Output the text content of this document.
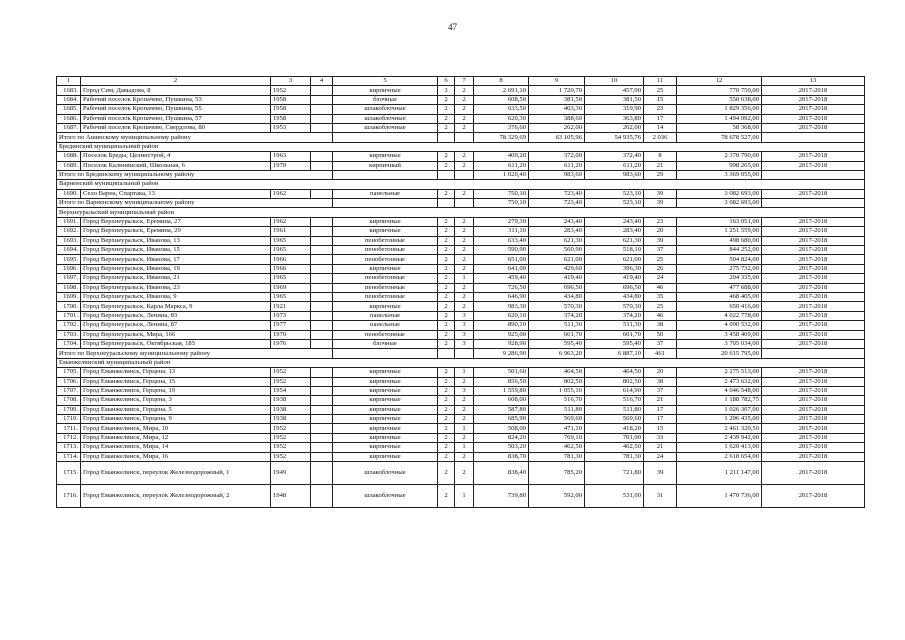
47
1	2	3	4	5	6	7	8	9	10	11	12	13
1683.	Город Сим, Давыдова, 8	1952		кирпичные	3	2	2 691,10	1 720,70	457,90	25	770 750,00	2017-2018
1684.	Рабочий поселок Кропачево, Пушкина, 53	1958		блочные	2	2	608,50	381,50	381,50	15	550 638,00	2017-2018
1685.	Рабочий поселок Кропачево, Пушкина, 55	1958		шлакоблочные	2	2	633,50	403,30	319,90	23	1 829 356,00	2017-2018
1686.	Рабочий поселок Кропачево, Пушкина, 57	1958		шлакоблочные	2	2	620,30	388,60	363,80	17	1 494 092,00	2017-2018
1687.	Рабочий поселок Кропачево, Свердлова, 80	1953		шлакоблочные	2	2	376,60	262,00	262,00	14	58 368,00	2017-2018
Итого по Ашинскому муниципальному району							78 329,69	63 105,96	54 935,76	2 036	78 678 527,00	
Брединский муниципальный район												
1688.	Поселок Бреды, Целинстрой, 4	1963		кирпичные	2	2	409,20	372,00	372,40	8	2 370 790,00	2017-2018
1689.	Поселок Калининский, Школьная, 6	1970		кирпичный	2	2	611,20	611,20	611,20	21	998 265,00	2017-2018
Итого по Брединскому муниципальному району							1 020,40	983,60	983,60	29	3 369 055,00	
Варненский муниципальный район												
1690.	Село Варна, Спартака, 13	1962		панельные	2	2	750,10	723,40	523,10	39	3 082 693,00	2017-2018
Итого по Варненскому муниципальному району							750,10	723,40	523,10	39	3 082 693,00	
Верхнеуральский муниципальный район												
1691.	Город Верхнеуральск, Еремина, 27	1962		кирпичные	2	2	279,30	243,40	243,40	23	163 051,00	2017-2018
1692.	Город Верхнеуральск, Еремина, 29	1961		кирпичные	2	2	311,10	283,40	283,40	20	1 251 559,00	2017-2018
1693.	Город Верхнеуральск, Иванова, 13	1965		пенобетонные	2	2	633,40	621,30	621,30	39	498 680,00	2017-2018
1694.	Город Верхнеуральск, Иванова, 15	1965		пенобетонные	2	2	590,90	560,90	518,10	37	844 252,00	2017-2018
1695.	Город Верхнеуральск, Иванова, 17	1966		пенобетонные	2	2	651,00	621,00	621,00	25	504 824,00	2017-2018
1696.	Город Верхнеуральск, Иванова, 19	1966		кирпичные	2	2	641,00	429,60	396,30	26	275 732,00	2017-2018
1697.	Город Верхнеуральск, Иванова, 21	1965		пенобетонные	2	1	459,40	419,40	419,40	24	204 335,00	2017-2018
1698.	Город Верхнеуральск, Иванова, 23	1969		пенобетонные	2	2	726,50	696,50	696,50	46	477 688,00	2017-2018
1699.	Город Верхнеуральск, Иванова, 9	1965		пенобетонные	2	2	646,90	434,80	434,80	35	468 405,00	2017-2018
1700.	Город Верхнеуральск, Карла Маркса, 9	1921		кирпичные	2	2	983,30	570,30	570,30	25	650 416,00	2017-2018
1701.	Город Верхнеуральск, Ленина, 83	1973		панельные	2	3	620,10	374,20	374,20	46	4 022 778,00	2017-2018
1702.	Город Верхнеуральск, Ленина, 87	1977		панельные	2	3	890,10	511,30	511,30	38	4 090 532,00	2017-2018
1703.	Город Верхнеуральск, Мира, 166	1970		пенобетонные	2	3	925,00	601,70	601,70	50	3 458 409,00	2017-2018
1704.	Город Верхнеуральск, Октябрьская, 185	1976		блочные	2	3	928,90	595,40	595,40	37	3 705 034,00	2017-2018
Итого по Верхнеуральскому муниципальному району							9 286,90	6 963,20	6 887,10	461	20 615 795,00	
Еманжелинский муниципальный район												
1705.	Город Еманжелинск, Герцена, 13	1952		кирпичные	2	1	501,60	464,50	464,50	20	2 275 513,00	2017-2018
1706.	Город Еманжелинск, Герцена, 15	1952		кирпичные	2	2	856,50	802,50	802,50	38	2 473 632,00	2017-2018
1707.	Город Еманжелинск, Герцена, 19	1954		кирпичные	2	3	1 559,80	1 055,10	614,90	37	4 046 548,00	2017-2018
1708.	Город Еманжелинск, Герцена, 3	1938		кирпичные	2	2	608,00	516,70	516,70	21	1 188 782,75	2017-2018
1709.	Город Еманжелинск, Герцена, 5	1938		кирпичные	2	2	587,80	511,80	511,80	17	1 026 307,00	2017-2018
1710.	Город Еманжелинск, Герцена, 9	1938		кирпичные	2	2	685,90	569,60	569,60	17	1 296 435,00	2017-2018
1711.	Город Еманжелинск, Мира, 10	1952		кирпичные	2	1	508,00	471,10	418,20	15	2 461 320,50	2017-2018
1712.	Город Еманжелинск, Мира, 12	1952		кирпичные	2	2	824,20	769,10	701,90	33	2 439 942,00	2017-2018
1713.	Город Еманжелинск, Мира, 14	1952		кирпичные	2	1	503,20	462,50	462,50	21	1 620 413,00	2017-2018
1714.	Город Еманжелинск, Мира, 16	1952		кирпичные	2	2	838,70	781,30	781,30	24	2 618 654,00	2017-2018
1715.	Город Еманжелинск, переулок Железнодорожный, 1	1949		шлакоблочные	2	2	838,40	785,20	721,80	39	1 211 147,00	2017-2018
1716.	Город Еманжелинск, переулок Железнодорожный, 2	1948		шлакоблочные	2	1	739,80	592,00	531,00	31	1 470 736,00	2017-2018
